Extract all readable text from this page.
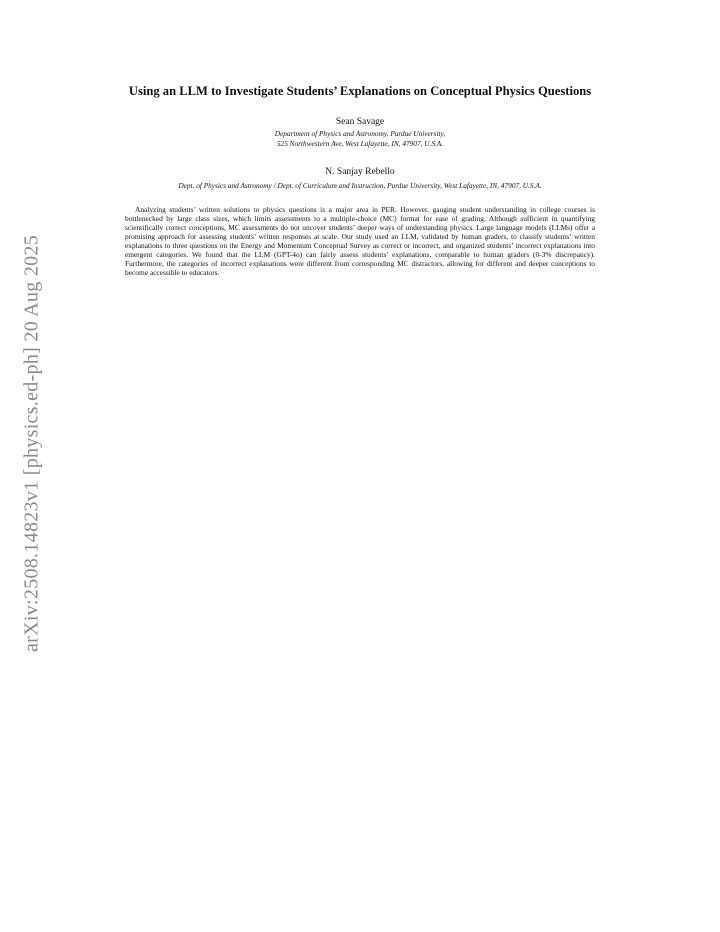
arXiv:2508.14823v1 [physics.ed-ph] 20 Aug 2025
Using an LLM to Investigate Students’ Explanations on Conceptual Physics Questions
Sean Savage
Department of Physics and Astronomy, Purdue University,
525 Northwestern Ave, West Lafayette, IN, 47907, U.S.A.
N. Sanjay Rebello
Dept. of Physics and Astronomy / Dept. of Curriculum and Instruction, Purdue University, West Lafayette, IN, 47907, U.S.A.

Analyzing students’ written solutions to physics questions is a major area in PER. However, gauging student understanding in college courses is bottlenecked by large class sizes, which limits assessments to a multiple-choice (MC) format for ease of grading. Although sufficient in quantifying scientifically correct conceptions, MC assessments do not uncover students’ deeper ways of understanding physics. Large language models (LLMs) offer a promising approach for assessing students’ written responses at scale. Our study used an LLM, validated by human graders, to classify students’ written explanations to three questions on the Energy and Momentum Conceptual Survey as correct or incorrect, and organized students’ incorrect explanations into emergent categories. We found that the LLM (GPT-4o) can fairly assess students’ explanations, comparable to human graders (0-3% discrepancy). Furthermore, the categories of incorrect explanations were different from corresponding MC distractors, allowing for different and deeper conceptions to become accessible to educators.
